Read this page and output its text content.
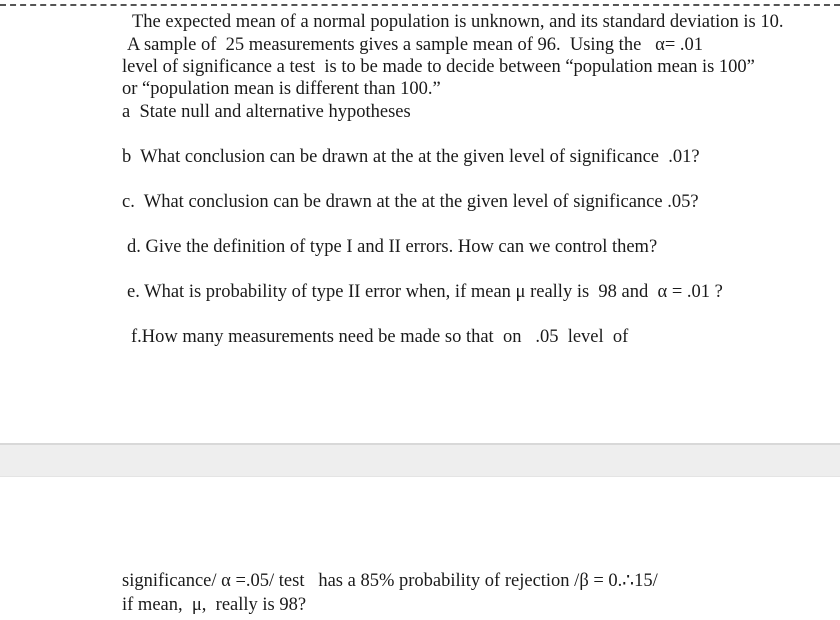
The expected mean of a normal population is unknown, and its standard deviation is 10.
A sample of  25 measurements gives a sample mean of 96.  Using the   α= .01
level of significance a test  is to be made to decide between “population mean is 100”
or “population mean is different than 100.”
a  State null and alternative hypotheses
b  What conclusion can be drawn at the at the given level of significance  .01?
c.  What conclusion can be drawn at the at the given level of significance .05?
d. Give the definition of type I and II errors. How can we control them?
e. What is probability of type II error when, if mean μ really is  98 and  α = .01 ?
f.How many measurements need be made so that  on   .05  level  of
significance/ α =.05/ test   has a 85% probability of rejection /β = 0.∴15/
if mean,  μ,  really is 98?
